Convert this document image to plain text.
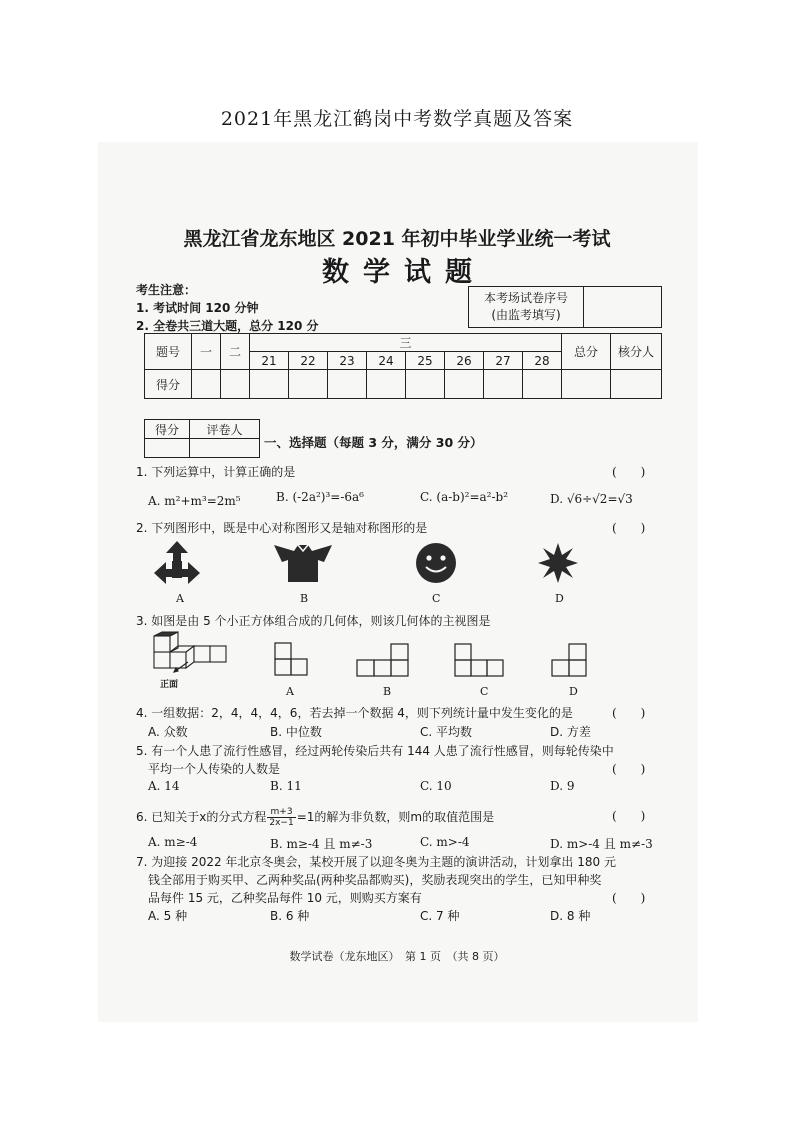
2021年黑龙江鹤岗中考数学真题及答案
黑龙江省龙东地区 2021 年初中毕业学业统一考试
数学试题
考生注意：
1. 考试时间 120 分钟
2. 全卷共三道大题，总分 120 分
本考场试卷序号
(由监考填写)

题号	一	二	三								总分	核分人
			21	22	23	24	25	26	27	28		
得分												
得分	评卷人

一、选择题（每题 3 分，满分 30 分）
1. 下列运算中，计算正确的是	(　　)
A. m²+m³=2m⁵	B. (-2a²)³=-6a⁶	C. (a-b)²=a²-b²	D. √6÷√2=√3
2. 下列图形中，既是中心对称图形又是轴对称图形的是	(　　)
A	B	C	D
3. 如图是由 5 个小正方体组合成的几何体，则该几何体的主视图是
正面	A	B	C	D
4. 一组数据：2，4，4，4，6，若去掉一个数据 4，则下列统计量中发生变化的是	(　　)
A. 众数	B. 中位数	C. 平均数	D. 方差
5. 有一个人患了流行性感冒，经过两轮传染后共有 144 人患了流行性感冒，则每轮传染中
平均一个人传染的人数是	(　　)
A. 14	B. 11	C. 10	D. 9
6. 已知关于x的分式方程 $\frac{m+3}{2x-1} =1$的解为非负数，则m的取值范围是	(　　)
A. m≥-4	B. m≥-4 且 m≠-3	C. m>-4	D. m>-4 且 m≠-3
7. 为迎接 2022 年北京冬奥会，某校开展了以迎冬奥为主题的演讲活动，计划拿出 180 元
钱全部用于购买甲、乙两种奖品(两种奖品都购买)，奖励表现突出的学生，已知甲种奖
品每件 15 元，乙种奖品每件 10 元，则购买方案有	(　　)
A. 5 种	B. 6 种	C. 7 种	D. 8 种
数学试卷（龙东地区）　第 1 页　（共 8 页）
